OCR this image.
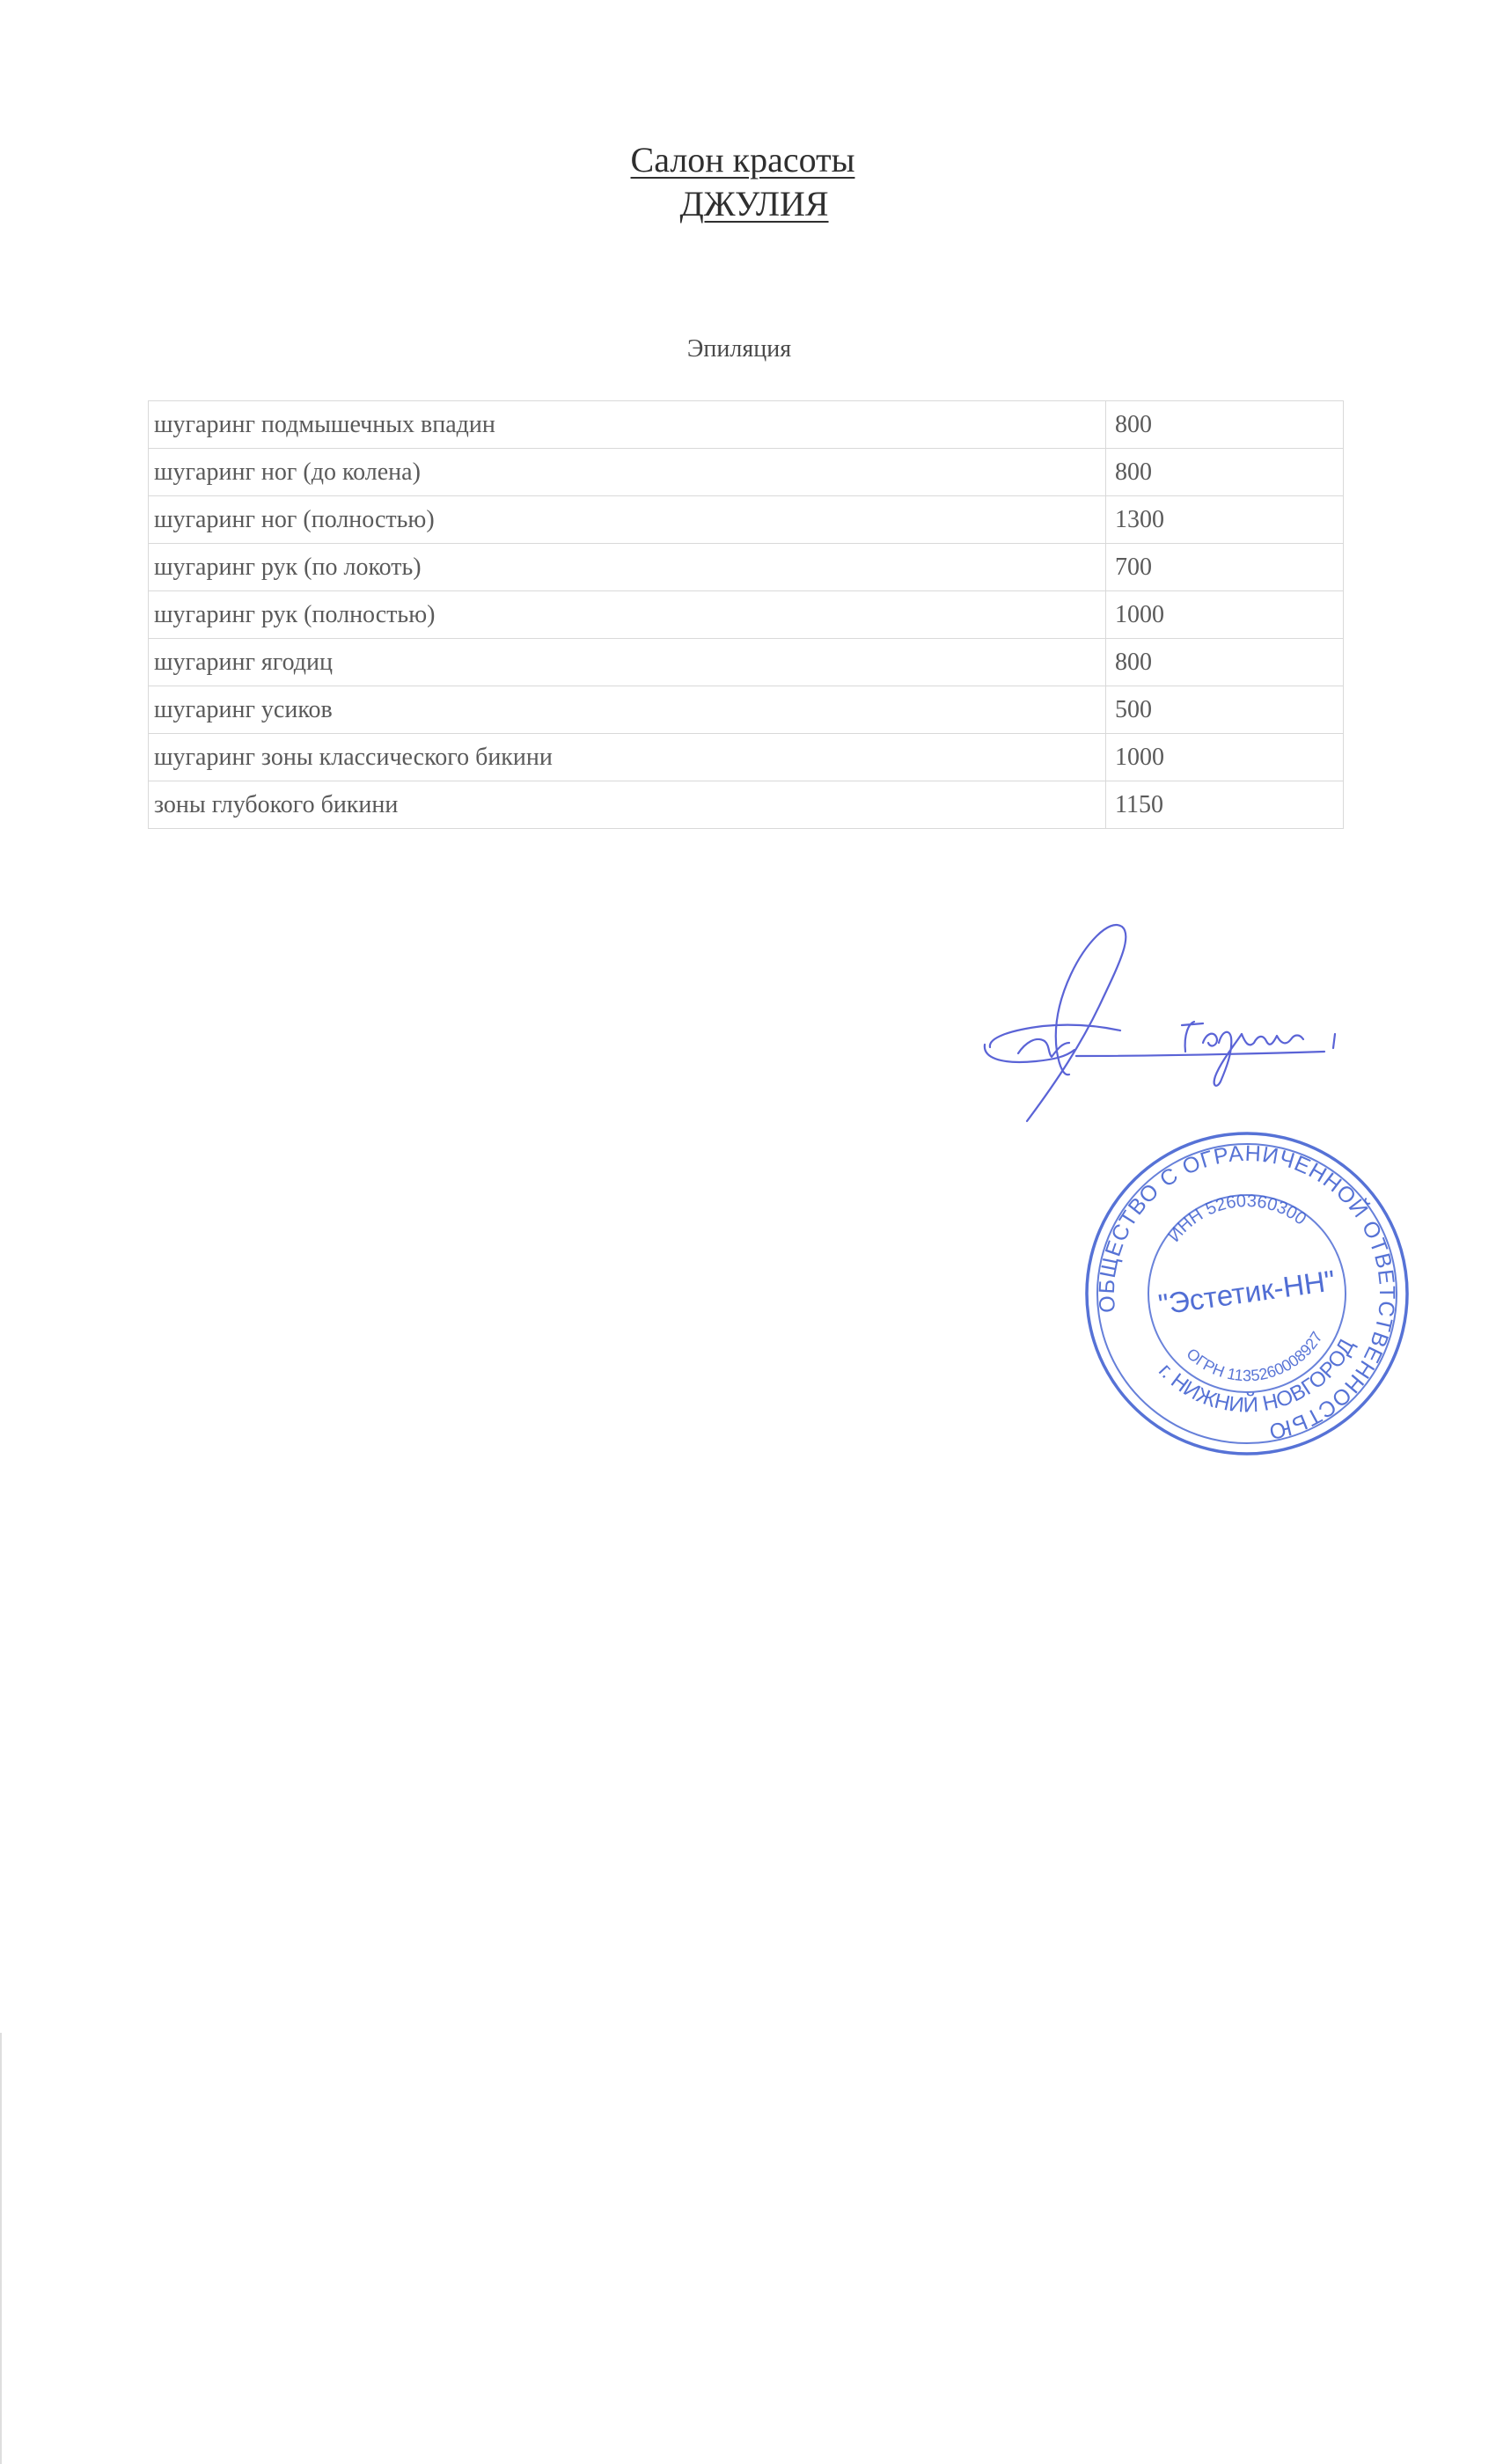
Салон красоты
ДЖУЛИЯ
Эпиляция
шугаринг подмышечных впадин	800
шугаринг ног (до колена)	800
шугаринг ног (полностью)	1300
шугаринг рук (по локоть)	700
шугаринг рук (полностью)	1000
шугаринг ягодиц	800
шугаринг усиков	500
шугаринг зоны классического бикини	1000
зоны глубокого бикини	1150
ОБЩЕСТВО С ОГРАНИЧЕННОЙ ОТВЕТСТВЕННОСТЬЮ
г. НИЖНИЙ НОВГОРОД
ИНН 5260360300
"Эстетик-НН"
ОГРН 1135260008927
